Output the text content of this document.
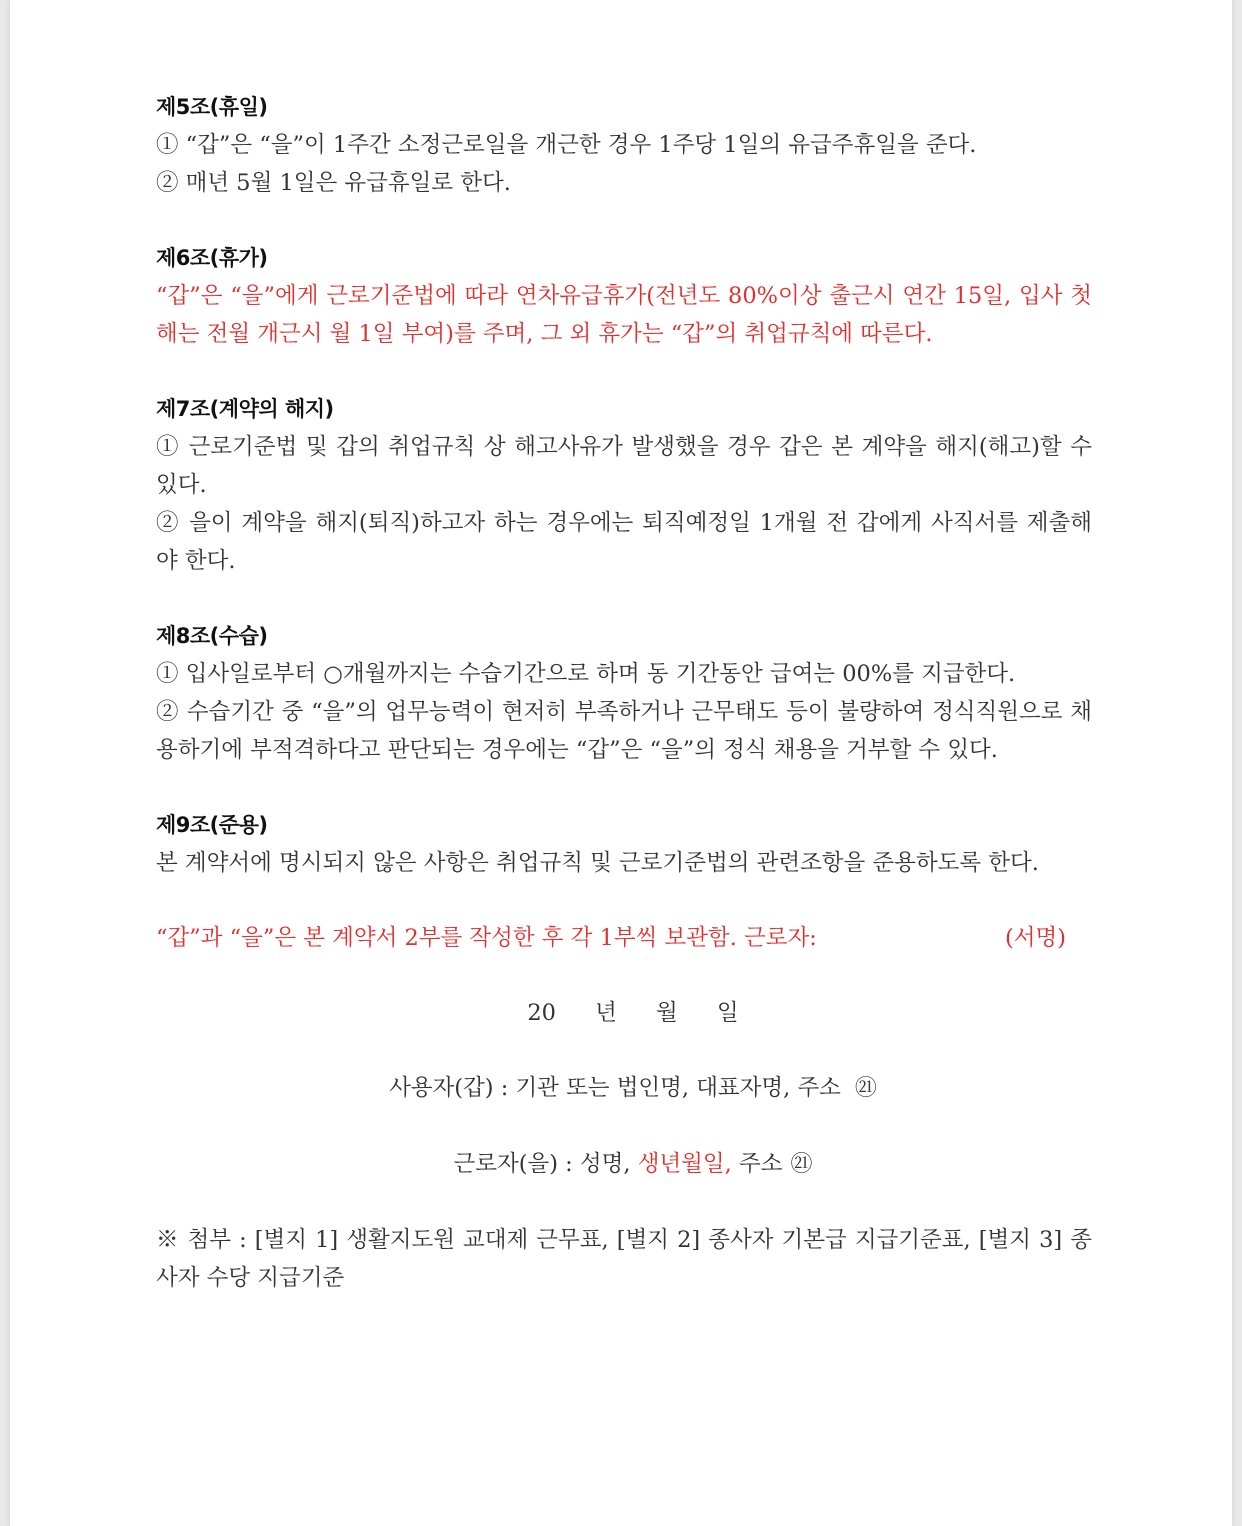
제5조(휴일)
① “갑”은 “을”이 1주간 소정근로일을 개근한 경우 1주당 1일의 유급주휴일을 준다.
② 매년 5월 1일은 유급휴일로 한다.
제6조(휴가)
“갑”은 “을”에게 근로기준법에 따라 연차유급휴가(전년도 80%이상 출근시 연간 15일, 입사 첫해는 전월 개근시 월 1일 부여)를 주며, 그 외 휴가는 “갑”의 취업규칙에 따른다.
제7조(계약의 해지)
① 근로기준법 및 갑의 취업규칙 상 해고사유가 발생했을 경우 갑은 본 계약을 해지(해고)할 수 있다.
② 을이 계약을 해지(퇴직)하고자 하는 경우에는 퇴직예정일 1개월 전 갑에게 사직서를 제출해야 한다.
제8조(수습)
① 입사일로부터 ○개월까지는 수습기간으로 하며 동 기간동안 급여는 00%를 지급한다.
② 수습기간 중 “을”의 업무능력이 현저히 부족하거나 근무태도 등이 불량하여 정식직원으로 채용하기에 부적격하다고 판단되는 경우에는 “갑”은 “을”의 정식 채용을 거부할 수 있다.
제9조(준용)
본 계약서에 명시되지 않은 사항은 취업규칙 및 근로기준법의 관련조항을 준용하도록 한다.
“갑”과 “을”은 본 계약서 2부를 작성한 후 각 1부씩 보관함. 근로자:	(서명)
20 년 월 일
사용자(갑) : 기관 또는 법인명, 대표자명, 주소 ㉑
근로자(을) : 성명, 생년월일, 주소 ㉑
※ 첨부 : [별지 1] 생활지도원 교대제 근무표, [별지 2] 종사자 기본급 지급기준표, [별지 3] 종사자 수당 지급기준
